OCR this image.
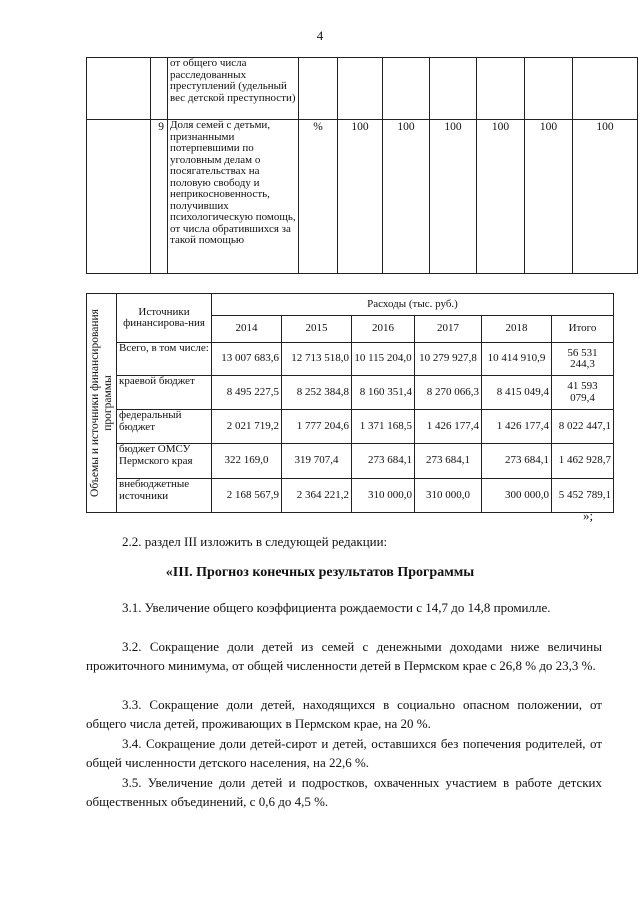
4
		от общего числа расследованных преступлений (удельный вес детской преступности)							
	9	Доля семей с детьми, признанными потерпевшими по уголовным делам о посягательствах на половую свободу и неприкосновенность, получивших психологическую помощь, от числа обратившихся за такой помощью	%	100	100	100	100	100	100
Объемы и источники финансирования программы	Источники финансирова-ния	Расходы (тыс. руб.)					
		2014	2015	2016	2017	2018	Итого
	Всего, в том числе:	13 007 683,6	12 713 518,0	10 115 204,0	10 279 927,8	10 414 910,9	56 531 244,3
	краевой бюджет	8 495 227,5	8 252 384,8	8 160 351,4	8 270 066,3	8 415 049,4	41 593 079,4
	федеральный бюджет	2 021 719,2	1 777 204,6	1 371 168,5	1 426 177,4	1 426 177,4	8 022 447,1
	бюджет ОМСУ Пермского края	322 169,0	319 707,4	273 684,1	273 684,1	273 684,1	1 462 928,7
	внебюджетные источники	2 168 567,9	2 364 221,2	310 000,0	310 000,0	300 000,0	5 452 789,1
»;
2.2. раздел III изложить в следующей редакции:
«III. Прогноз конечных результатов Программы
3.1. Увеличение общего коэффициента рождаемости с 14,7 до 14,8 промилле.
3.2. Сокращение доли детей из семей с денежными доходами ниже величины прожиточного минимума, от общей численности детей в Пермском крае с 26,8 % до 23,3 %.
3.3. Сокращение доли детей, находящихся в социально опасном положении, от общего числа детей, проживающих в Пермском крае, на 20 %.
3.4. Сокращение доли детей-сирот и детей, оставшихся без попечения родителей, от общей численности детского населения, на 22,6 %.
3.5. Увеличение доли детей и подростков, охваченных участием в работе детских общественных объединений, с 0,6 до 4,5 %.
